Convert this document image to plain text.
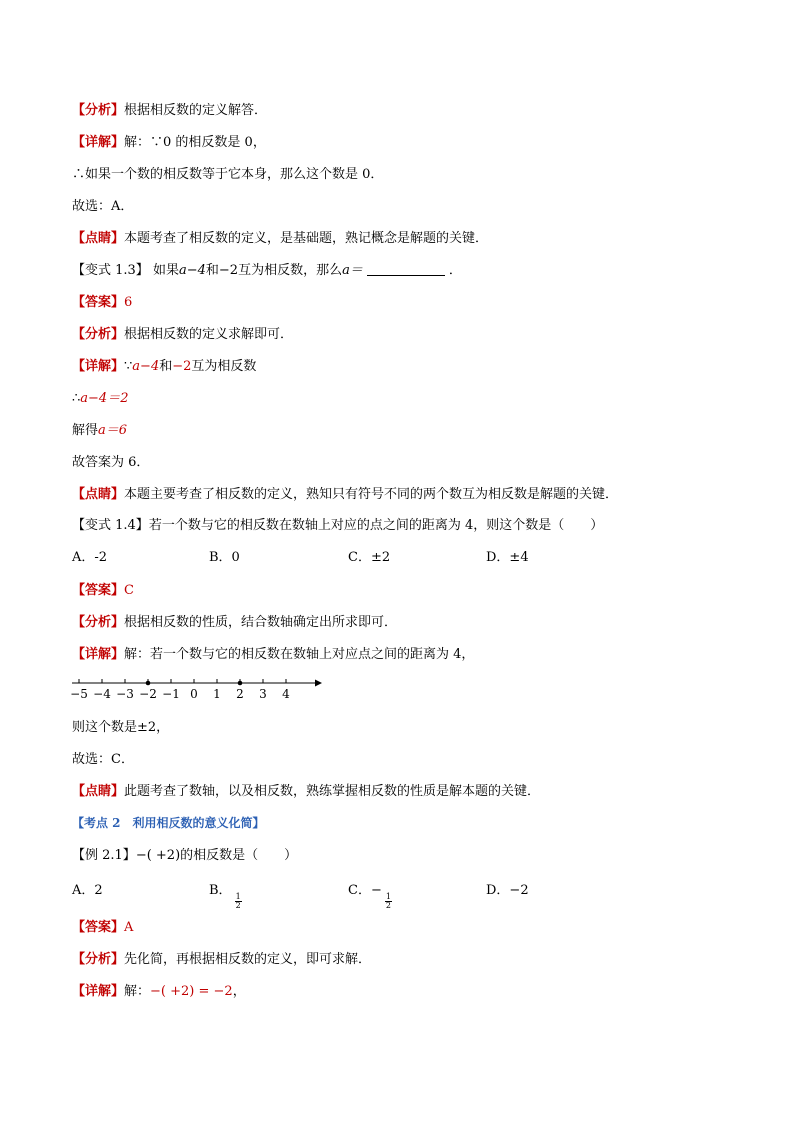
【分析】根据相反数的定义解答．
【详解】解：∵0 的相反数是 0，
∴如果一个数的相反数等于它本身，那么这个数是 0．
故选：A．
【点睛】本题考查了相反数的定义，是基础题，熟记概念是解题的关键．
【变式 1.3】 如果a−4和−2互为相反数，那么a＝	．
【答案】6
【分析】根据相反数的定义求解即可．
【详解】∵a−4和−2互为相反数
∴a−4＝2
解得a＝6
故答案为 6．
【点睛】本题主要考查了相反数的定义，熟知只有符号不同的两个数互为相反数是解题的关键．
【变式 1.4】若一个数与它的相反数在数轴上对应的点之间的距离为 4，则这个数是（　　）
A．-2	B．0	C．±2	D．±4
【答案】C
【分析】根据相反数的性质，结合数轴确定出所求即可．
【详解】解：若一个数与它的相反数在数轴上对应点之间的距离为 4，
则这个数是±2，
故选：C．
【点睛】此题考查了数轴，以及相反数，熟练掌握相反数的性质是解本题的关键．
【考点 2　利用相反数的意义化简】
【例 2.1】−( +2)的相反数是（　　）
A．2	B．
$\frac{1}{2}$
C．−
$\frac{1}{2}$
D．−2
【答案】A
【分析】先化简，再根据相反数的定义，即可求解．
【详解】解：−( +2) = −2，
−5 −4 −3 −2 −1 0 1 2 3 4
